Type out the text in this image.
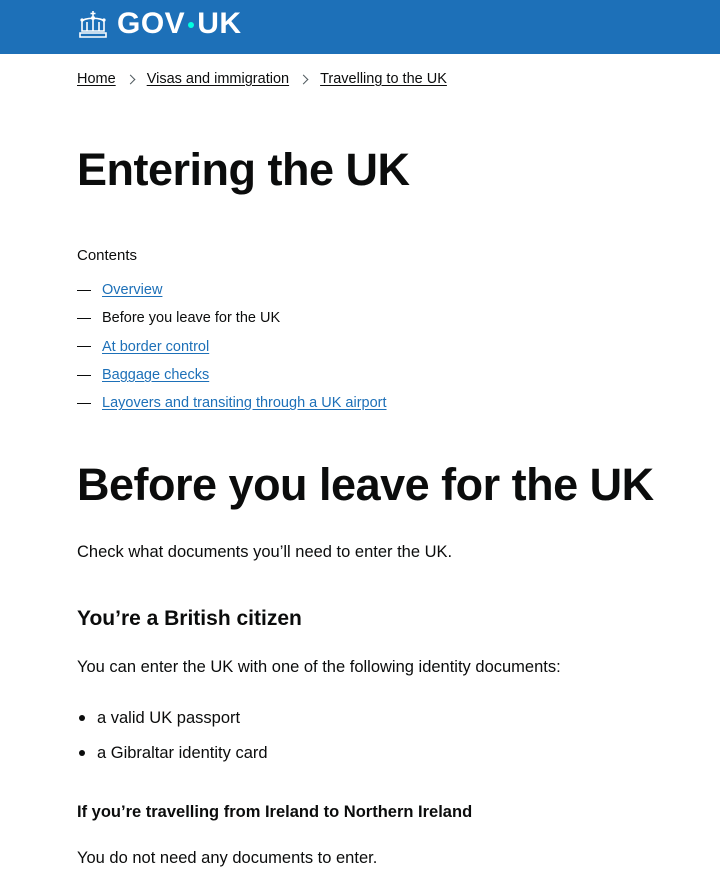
GOV UK
Home Visas and immigration Travelling to the UK
Entering the UK
Contents
Overview
Before you leave for the UK
At border control
Baggage checks
Layovers and transiting through a UK airport
Before you leave for the UK

Check what documents you’ll need to enter the UK.

You’re a British citizen

You can enter the UK with one of the following identity documents:

a valid UK passport
a Gibraltar identity card
If you’re travelling from Ireland to Northern Ireland

You do not need any documents to enter.
